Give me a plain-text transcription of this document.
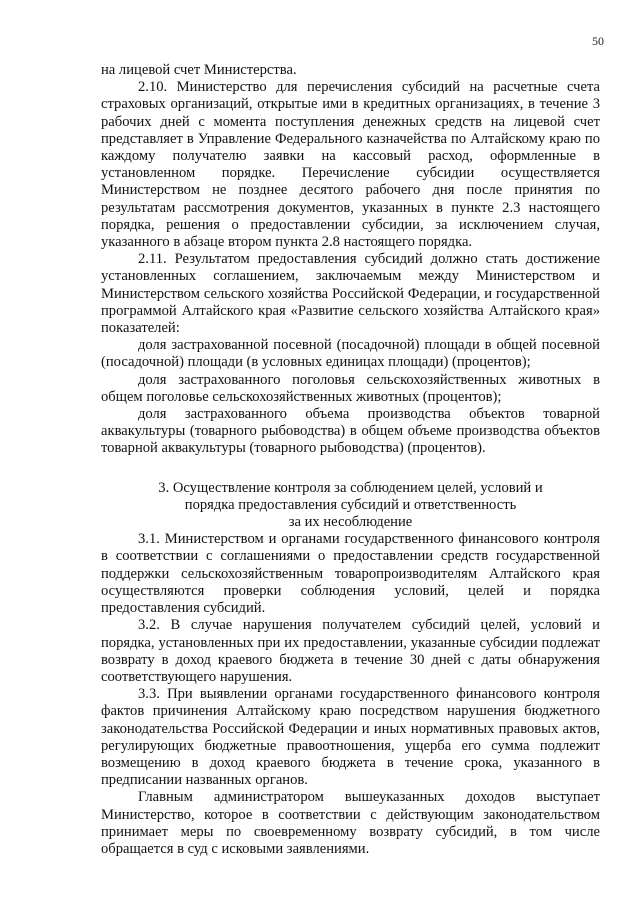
50

на лицевой счет Министерства.

2.10. Министерство для перечисления субсидий на расчетные счета страховых организаций, открытые ими в кредитных организациях, в течение 3 рабочих дней с момента поступления денежных средств на лицевой счет представляет в Управление Федерального казначейства по Алтайскому краю по каждому получателю заявки на кассовый расход, оформленные в установленном порядке. Перечисление субсидии осуществляется Министерством не позднее десятого рабочего дня после принятия по результатам рассмотрения документов, указанных в пункте 2.3 настоящего порядка, решения о предоставлении субсидии, за исключением случая, указанного в абзаце втором пункта 2.8 настоящего порядка.

2.11. Результатом предоставления субсидий должно стать достижение установленных соглашением, заключаемым между Министерством и Министерством сельского хозяйства Российской Федерации, и государственной программой Алтайского края «Развитие сельского хозяйства Алтайского края» показателей:

доля застрахованной посевной (посадочной) площади в общей посевной (посадочной) площади (в условных единицах площади) (процентов);

доля застрахованного поголовья сельскохозяйственных животных в общем поголовье сельскохозяйственных животных (процентов);

доля застрахованного объема производства объектов товарной аквакультуры (товарного рыбоводства) в общем объеме производства объектов товарной аквакультуры (товарного рыбоводства) (процентов).

3. Осуществление контроля за соблюдением целей, условий и
порядка предоставления субсидий и ответственность
за их несоблюдение

3.1. Министерством и органами государственного финансового контроля в соответствии с соглашениями о предоставлении средств государственной поддержки сельскохозяйственным товаропроизводителям Алтайского края осуществляются проверки соблюдения условий, целей и порядка предоставления субсидий.

3.2. В случае нарушения получателем субсидий целей, условий и порядка, установленных при их предоставлении, указанные субсидии подлежат возврату в доход краевого бюджета в течение 30 дней с даты обнаружения соответствующего нарушения.

3.3. При выявлении органами государственного финансового контроля фактов причинения Алтайскому краю посредством нарушения бюджетного законодательства Российской Федерации и иных нормативных правовых актов, регулирующих бюджетные правоотношения, ущерба его сумма подлежит возмещению в доход краевого бюджета в течение срока, указанного в предписании названных органов.

Главным администратором вышеуказанных доходов выступает Министерство, которое в соответствии с действующим законодательством принимает меры по своевременному возврату субсидий, в том числе обращается в суд с исковыми заявлениями.
